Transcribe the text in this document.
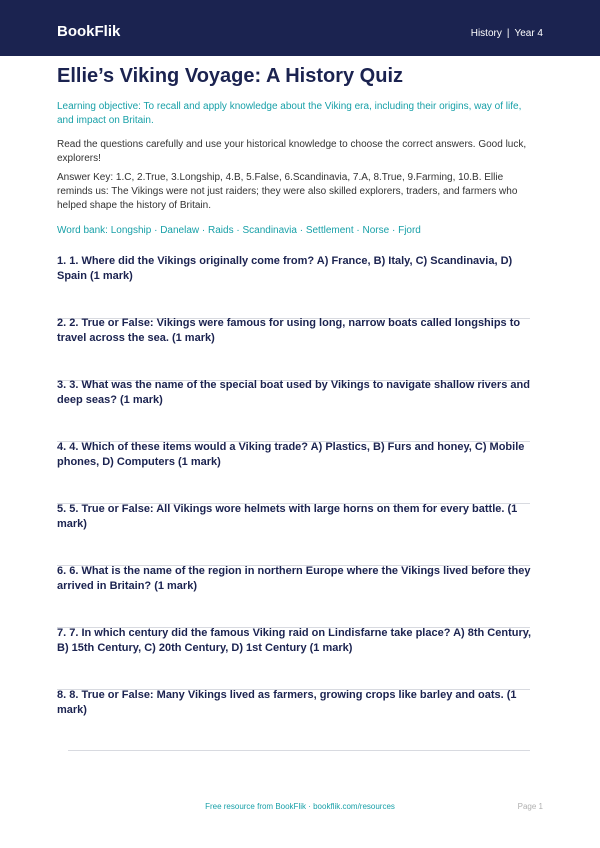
BookFlik	History | Year 4
Ellie’s Viking Voyage: A History Quiz
Learning objective: To recall and apply knowledge about the Viking era, including their origins, way of life, and impact on Britain.
Read the questions carefully and use your historical knowledge to choose the correct answers. Good luck, explorers!
Answer Key: 1.C, 2.True, 3.Longship, 4.B, 5.False, 6.Scandinavia, 7.A, 8.True, 9.Farming, 10.B. Ellie reminds us: The Vikings were not just raiders; they were also skilled explorers, traders, and farmers who helped shape the history of Britain.
Word bank: Longship · Danelaw · Raids · Scandinavia · Settlement · Norse · Fjord
1. 1. Where did the Vikings originally come from? A) France, B) Italy, C) Scandinavia, D) Spain (1 mark)
2. 2. True or False: Vikings were famous for using long, narrow boats called longships to travel across the sea. (1 mark)
3. 3. What was the name of the special boat used by Vikings to navigate shallow rivers and deep seas? (1 mark)
4. 4. Which of these items would a Viking trade? A) Plastics, B) Furs and honey, C) Mobile phones, D) Computers (1 mark)
5. 5. True or False: All Vikings wore helmets with large horns on them for every battle. (1 mark)
6. 6. What is the name of the region in northern Europe where the Vikings lived before they arrived in Britain? (1 mark)
7. 7. In which century did the famous Viking raid on Lindisfarne take place? A) 8th Century, B) 15th Century, C) 20th Century, D) 1st Century (1 mark)
8. 8. True or False: Many Vikings lived as farmers, growing crops like barley and oats. (1 mark)
Free resource from BookFlik · bookflik.com/resources	Page 1
